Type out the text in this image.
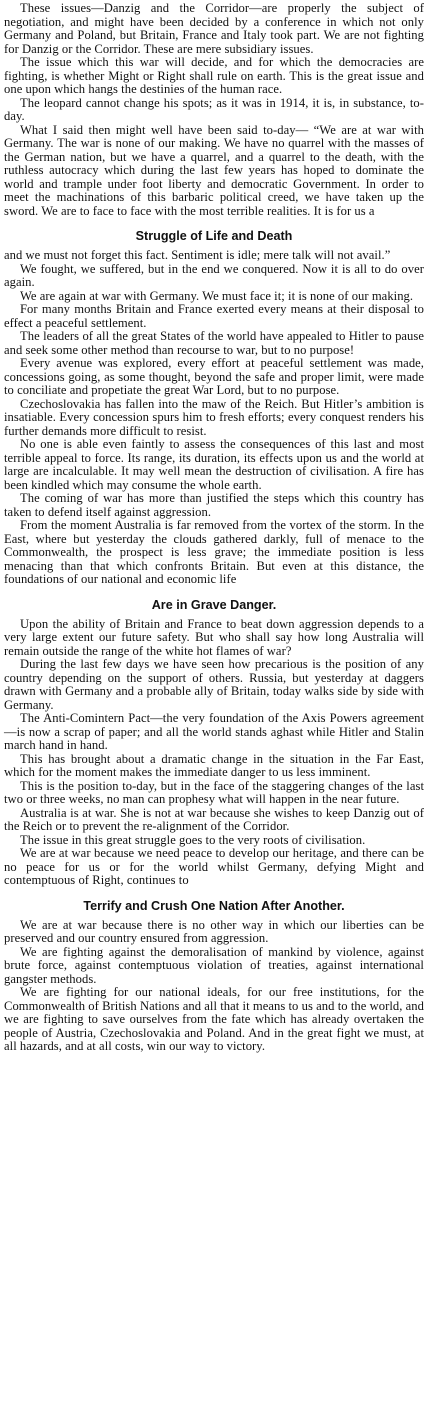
These issues—Danzig and the Corridor—are properly the subject of negotiation, and might have been decided by a conference in which not only Germany and Poland, but Britain, France and Italy took part. We are not fighting for Danzig or the Corridor. These are mere subsidiary issues.

The issue which this war will decide, and for which the democracies are fighting, is whether Might or Right shall rule on earth. This is the great issue and one upon which hangs the destinies of the human race.

The leopard cannot change his spots; as it was in 1914, it is, in substance, to-day.

What I said then might well have been said to-day— “We are at war with Germany. The war is none of our making. We have no quarrel with the masses of the German nation, but we have a quarrel, and a quarrel to the death, with the ruthless autocracy which during the last few years has hoped to dominate the world and trample under foot liberty and democratic Government. In order to meet the machinations of this barbaric political creed, we have taken up the sword. We are to face to face with the most terrible realities. It is for us a

Struggle of Life and Death

and we must not forget this fact. Sentiment is idle; mere talk will not avail.”

We fought, we suffered, but in the end we conquered. Now it is all to do over again.

We are again at war with Germany. We must face it; it is none of our making.

For many months Britain and France exerted every means at their disposal to effect a peaceful settlement.

The leaders of all the great States of the world have appealed to Hitler to pause and seek some other method than recourse to war, but to no purpose!

Every avenue was explored, every effort at peaceful settlement was made, concessions going, as some thought, beyond the safe and proper limit, were made to conciliate and propetiate the great War Lord, but to no purpose.

Czechoslovakia has fallen into the maw of the Reich. But Hitler’s ambition is insatiable. Every concession spurs him to fresh efforts; every conquest renders his further demands more difficult to resist.

No one is able even faintly to assess the consequences of this last and most terrible appeal to force. Its range, its duration, its effects upon us and the world at large are incalculable. It may well mean the destruction of civilisation. A fire has been kindled which may consume the whole earth.

The coming of war has more than justified the steps which this country has taken to defend itself against aggression.

From the moment Australia is far removed from the vortex of the storm. In the East, where but yesterday the clouds gathered darkly, full of menace to the Commonwealth, the prospect is less grave; the immediate position is less menacing than that which confronts Britain. But even at this distance, the foundations of our national and economic life

Are in Grave Danger.

Upon the ability of Britain and France to beat down aggression depends to a very large extent our future safety. But who shall say how long Australia will remain outside the range of the white hot flames of war?

During the last few days we have seen how precarious is the position of any country depending on the support of others. Russia, but yesterday at daggers drawn with Germany and a probable ally of Britain, today walks side by side with Germany.

The Anti-Comintern Pact—the very foundation of the Axis Powers agreement—is now a scrap of paper; and all the world stands aghast while Hitler and Stalin march hand in hand.

This has brought about a dramatic change in the situation in the Far East, which for the moment makes the immediate danger to us less imminent.

This is the position to-day, but in the face of the staggering changes of the last two or three weeks, no man can prophesy what will happen in the near future.

Australia is at war. She is not at war because she wishes to keep Danzig out of the Reich or to prevent the re-alignment of the Corridor.

The issue in this great struggle goes to the very roots of civilisation.

We are at war because we need peace to develop our heritage, and there can be no peace for us or for the world whilst Germany, defying Might and contemptuous of Right, continues to

Terrify and Crush One Nation After Another.

We are at war because there is no other way in which our liberties can be preserved and our country ensured from aggression.

We are fighting against the demoralisation of mankind by violence, against brute force, against contemptuous violation of treaties, against international gangster methods.

We are fighting for our national ideals, for our free institutions, for the Commonwealth of British Nations and all that it means to us and to the world, and we are fighting to save ourselves from the fate which has already overtaken the people of Austria, Czechoslovakia and Poland. And in the great fight we must, at all hazards, and at all costs, win our way to victory.
